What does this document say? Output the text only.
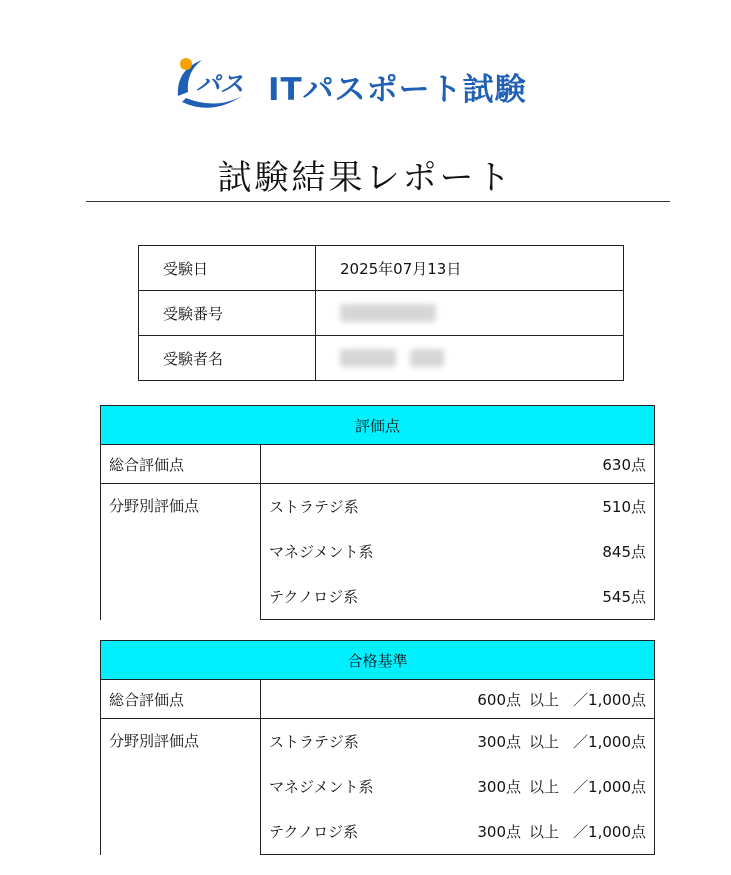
パス ITパスポート試験
試験結果レポート
受験日	2025年07月13日
受験番号	
受験者名	
評価点	
総合評価点	630点

分野別評価点	ストラテジ系 510点

	マネジメント系 845点

	テクノロジ系 545点
合格基準	
総合評価点	600点 以上 ／1,000点

分野別評価点	ストラテジ系 300点 以上 ／1,000点

	マネジメント系 300点 以上 ／1,000点

	テクノロジ系 300点 以上 ／1,000点
